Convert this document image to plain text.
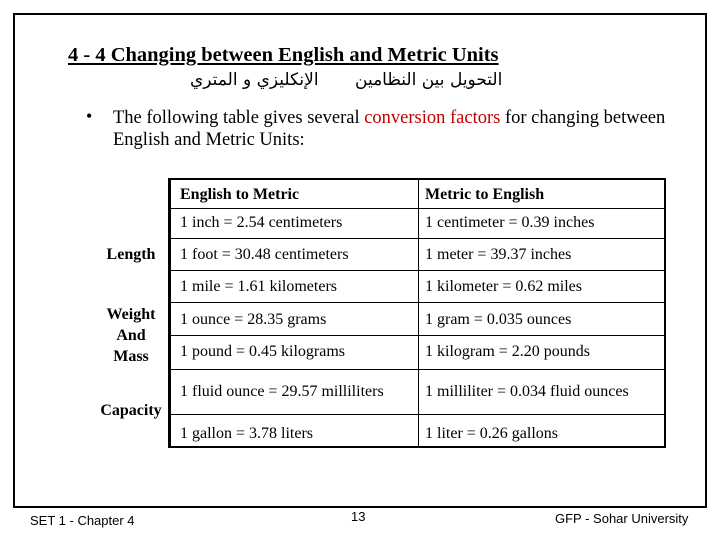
4 - 4 Changing between English and Metric Units
التحويل بين النظامين
الإنكليزي و المتري
• The following table gives several conversion factors for changing between English and Metric Units:
English to Metric	Metric to English
Length
1 inch = 2.54 centimeters	1 centimeter = 0.39 inches
1 foot = 30.48 centimeters	1 meter = 39.37 inches
1 mile = 1.61 kilometers	1 kilometer = 0.62 miles
Weight
And
Mass
1 ounce = 28.35 grams	1 gram = 0.035 ounces
1 pound = 0.45 kilograms	1 kilogram = 2.20 pounds
Capacity
1 fluid ounce = 29.57 milliliters	1 milliliter = 0.034 fluid ounces
1 gallon = 3.78 liters	1 liter = 0.26 gallons
SET 1 - Chapter 4	13	GFP - Sohar University
